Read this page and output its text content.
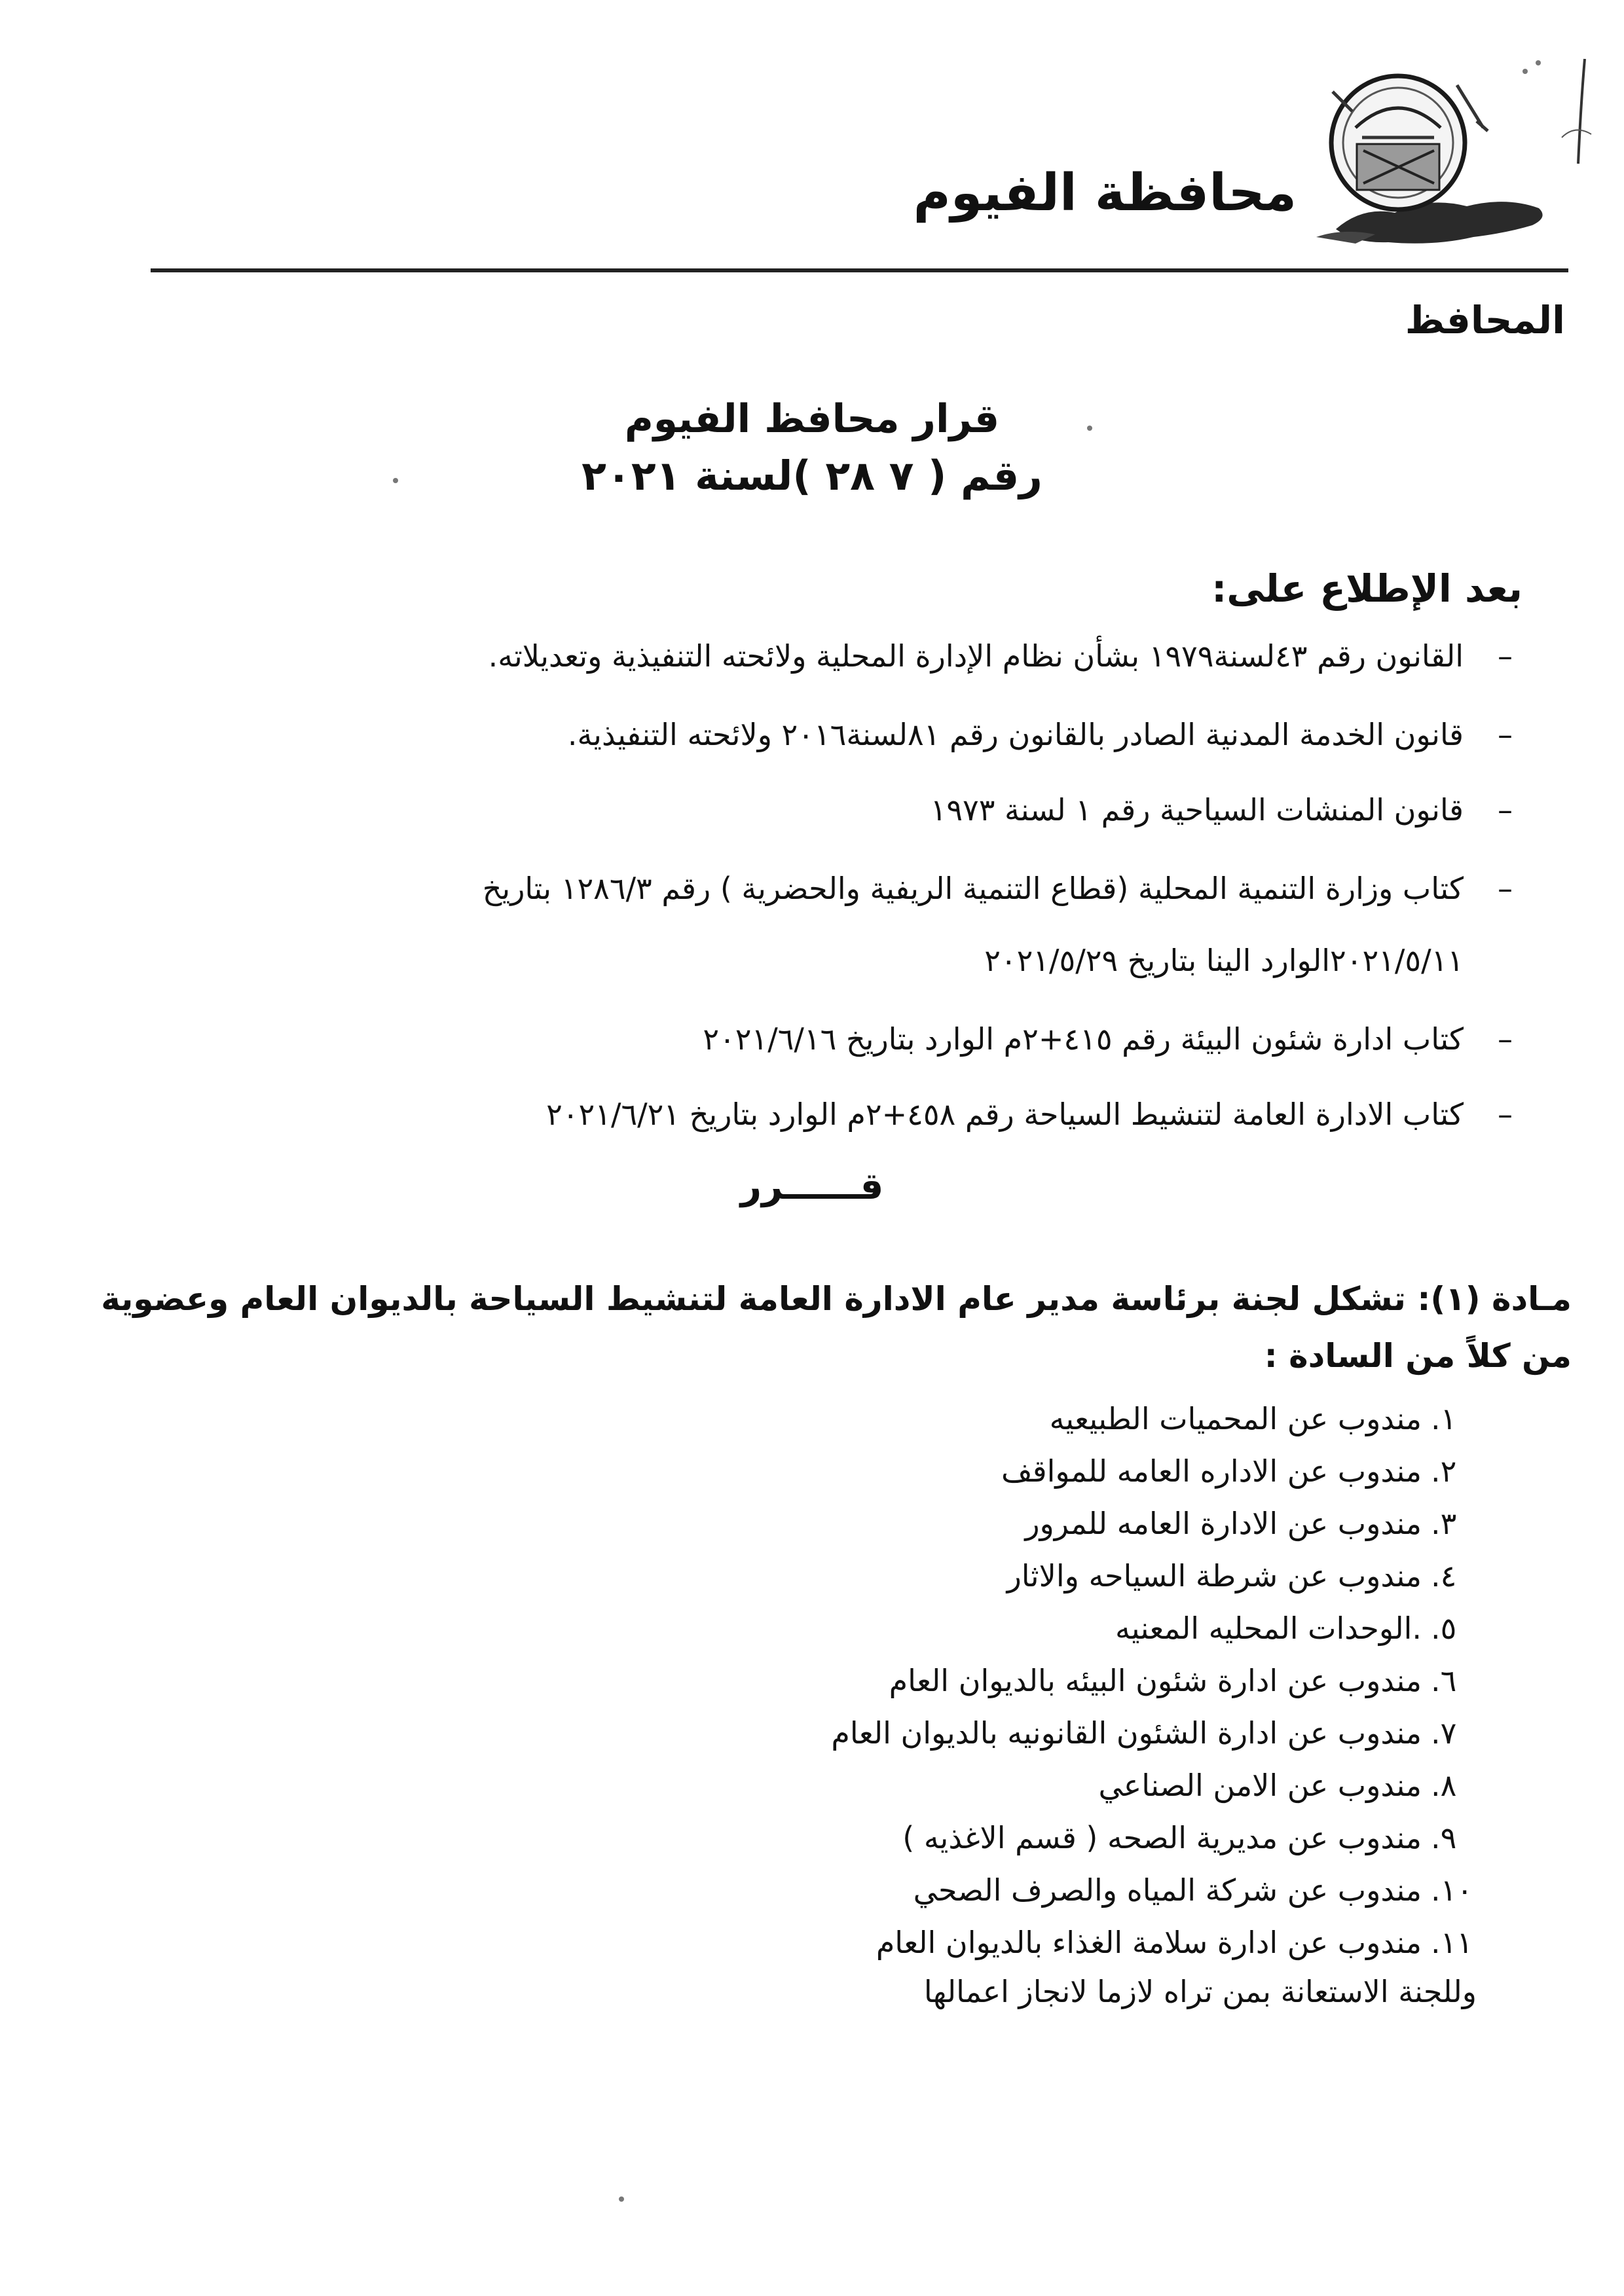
محافظة الفيوم
المحافظ
قرار محافظ الفيوم
رقم ( ٧ ٢٨ )لسنة ٢٠٢١
بعد الإطلاع على:
–
القانون رقم ٤٣لسنة١٩٧٩ بشأن نظام الإدارة المحلية ولائحته التنفيذية وتعديلاته.
–
قانون الخدمة المدنية الصادر بالقانون رقم ٨١لسنة٢٠١٦ ولائحته التنفيذية.
–
قانون المنشات السياحية رقم ١ لسنة ١٩٧٣
–
كتاب وزارة التنمية المحلية (قطاع التنمية الريفية والحضرية ) رقم ١٢٨٦/٣ بتاريخ
٢٠٢١/٥/١١الوارد الينا بتاريخ ٢٠٢١/٥/٢٩
–
كتاب ادارة شئون البيئة رقم ٤١٥+٢م الوارد بتاريخ ٢٠٢١/٦/١٦
–
كتاب الادارة العامة لتنشيط السياحة رقم ٤٥٨+٢م الوارد بتاريخ ٢٠٢١/٦/٢١
قــــــرر
مـادة (١): تشكل لجنة برئاسة مدير عام الادارة العامة لتنشيط السياحة بالديوان العام وعضوية
من كلاً من السادة :
١.مندوب عن المحميات الطبيعيه
٢.مندوب عن الاداره العامه للمواقف
٣.مندوب عن الادارة العامه للمرور
٤.مندوب عن شرطة السياحه والاثار
٥..الوحدات المحليه المعنيه
٦.مندوب عن ادارة شئون البيئه بالديوان العام
٧.مندوب عن ادارة الشئون القانونيه بالديوان العام
٨.مندوب عن الامن الصناعي
٩.مندوب عن مديرية الصحه ( قسم الاغذيه )
١٠.مندوب عن شركة المياه والصرف الصحي
١١.مندوب عن ادارة سلامة الغذاء بالديوان العام
وللجنة الاستعانة بمن تراه لازما لانجاز اعمالها
